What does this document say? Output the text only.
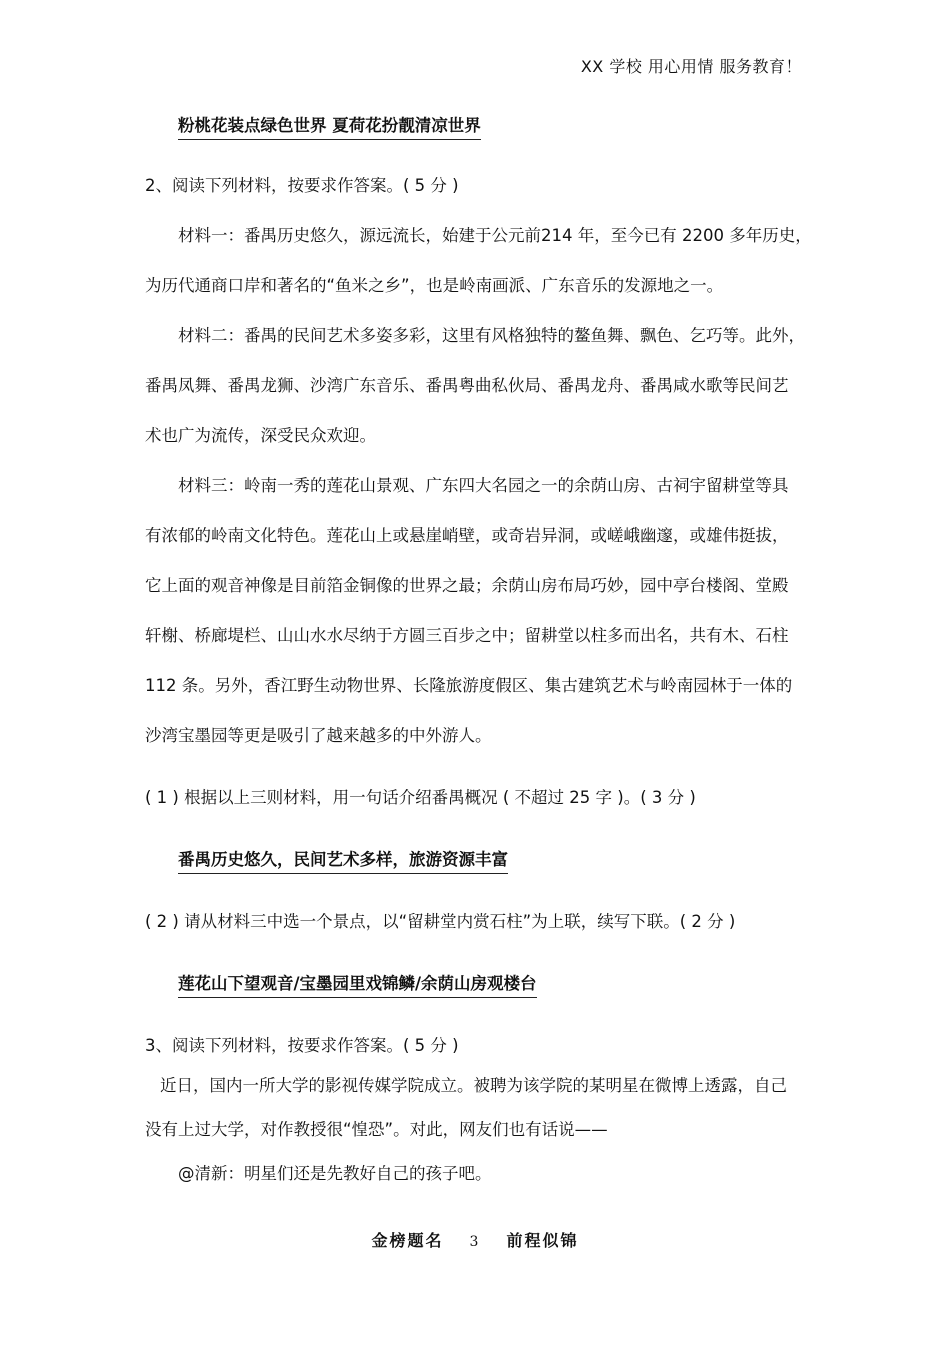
XX 学校 用心用情 服务教育！
粉桃花装点绿色世界 夏荷花扮靓清凉世界
2、阅读下列材料，按要求作答案。( 5 分 )
材料一：番禺历史悠久，源远流长，始建于公元前214 年，至今已有 2200 多年历史，
为历代通商口岸和著名的“鱼米之乡”，也是岭南画派、广东音乐的发源地之一。
材料二：番禺的民间艺术多姿多彩，这里有风格独特的鳌鱼舞、飘色、乞巧等。此外，
番禺凤舞、番禺龙狮、沙湾广东音乐、番禺粤曲私伙局、番禺龙舟、番禺咸水歌等民间艺
术也广为流传，深受民众欢迎。
材料三：岭南一秀的莲花山景观、广东四大名园之一的余荫山房、古祠宇留耕堂等具
有浓郁的岭南文化特色。莲花山上或悬崖峭壁，或奇岩异洞，或嵯峨幽邃，或雄伟挺拔，
它上面的观音神像是目前箔金铜像的世界之最；余荫山房布局巧妙，园中亭台楼阁、堂殿
轩榭、桥廊堤栏、山山水水尽纳于方圆三百步之中；留耕堂以柱多而出名，共有木、石柱
112 条。另外，香江野生动物世界、长隆旅游度假区、集古建筑艺术与岭南园林于一体的
沙湾宝墨园等更是吸引了越来越多的中外游人。
( 1 ) 根据以上三则材料，用一句话介绍番禺概况 ( 不超过 25 字 )。( 3 分 )
番禺历史悠久，民间艺术多样，旅游资源丰富
( 2 ) 请从材料三中选一个景点，以“留耕堂内赏石柱”为上联，续写下联。( 2 分 )
莲花山下望观音/宝墨园里戏锦鳞/余荫山房观楼台
3、阅读下列材料，按要求作答案。( 5 分 )
近日，国内一所大学的影视传媒学院成立。被聘为该学院的某明星在微博上透露，自己
没有上过大学，对作教授很“惶恐”。对此，网友们也有话说——
@清新：明星们还是先教好自己的孩子吧。
金榜题名 3 前程似锦
